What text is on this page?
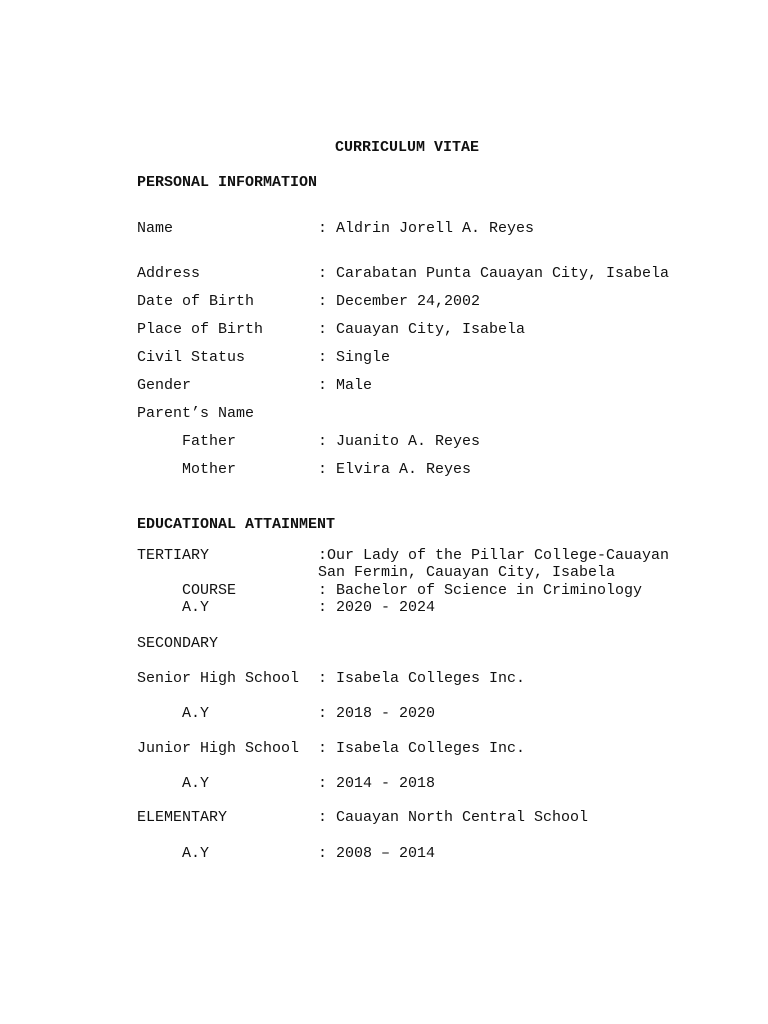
CURRICULUM VITAE
PERSONAL INFORMATION
Name	: Aldrin Jorell A. Reyes
Address	: Carabatan Punta Cauayan City, Isabela
Date of Birth	: December 24,2002
Place of Birth	: Cauayan City, Isabela
Civil Status	: Single
Gender	: Male
Parent’s Name
Father	: Juanito A. Reyes
Mother	: Elvira A. Reyes
EDUCATIONAL ATTAINMENT
TERTIARY	:Our Lady of the Pillar College-Cauayan
San Fermin, Cauayan City, Isabela
COURSE	: Bachelor of Science in Criminology
A.Y	: 2020 - 2024
SECONDARY
Senior High School : Isabela Colleges Inc.
A.Y	: 2018 - 2020
Junior High School : Isabela Colleges Inc.
A.Y	: 2014 - 2018
ELEMENTARY	: Cauayan North Central School
A.Y	: 2008 – 2014
